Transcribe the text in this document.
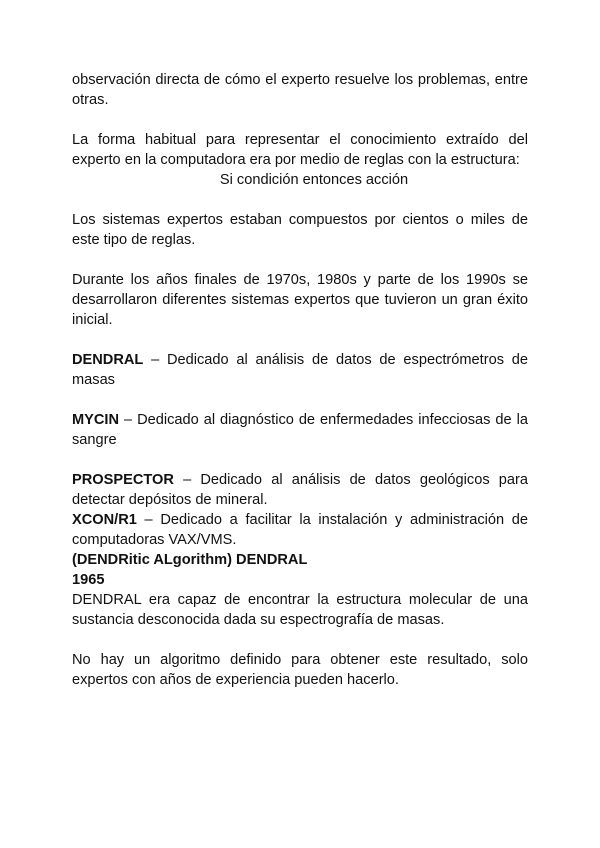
observación directa de cómo el experto resuelve los problemas, entre otras.

La forma habitual para representar el conocimiento extraído del experto en la computadora era por medio de reglas con la estructura:

Si condición entonces acción

Los sistemas expertos estaban compuestos por cientos o miles de este tipo de reglas.

Durante los años finales de 1970s, 1980s y parte de los 1990s se desarrollaron diferentes sistemas expertos que tuvieron un gran éxito inicial.

DENDRAL – Dedicado al análisis de datos de espectrómetros de masas

MYCIN – Dedicado al diagnóstico de enfermedades infecciosas de la sangre

PROSPECTOR – Dedicado al análisis de datos geológicos para detectar depósitos de mineral.

XCON/R1 – Dedicado a facilitar la instalación y administración de computadoras VAX/VMS.

(DENDRitic ALgorithm) DENDRAL

1965

DENDRAL era capaz de encontrar la estructura molecular de una sustancia desconocida dada su espectrografía de masas.

No hay un algoritmo definido para obtener este resultado, solo expertos con años de experiencia pueden hacerlo.
